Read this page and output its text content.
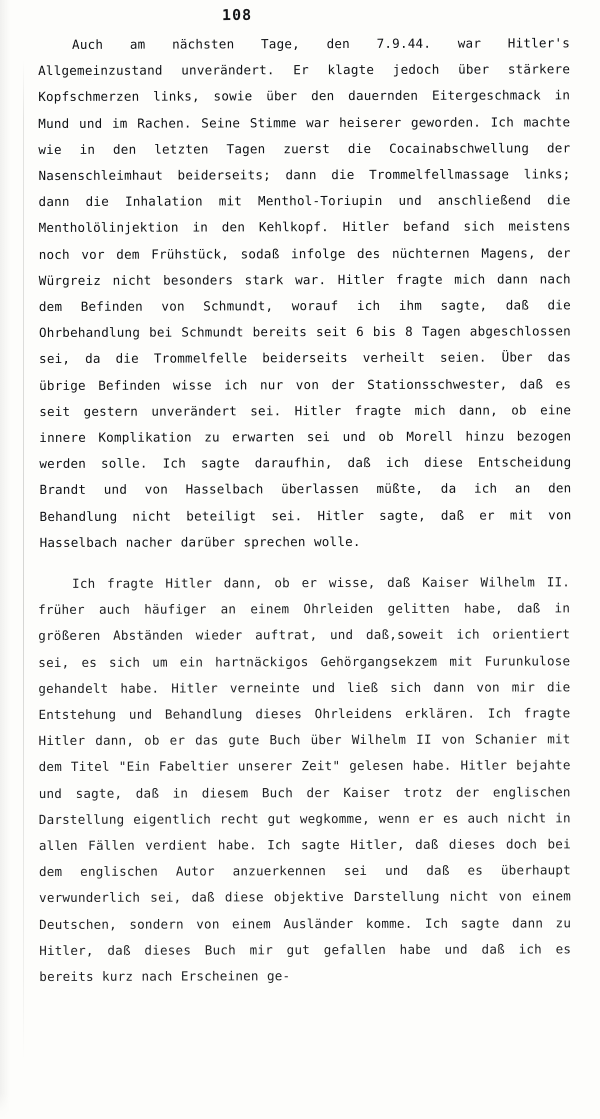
108

Auch am nächsten Tage, den 7.9.44. war Hitler's Allgemeinzustand unverändert. Er klagte jedoch über stärkere Kopfschmerzen links, sowie über den dauernden Eitergeschmack in Mund und im Rachen. Seine Stimme war heiserer geworden. Ich machte wie in den letzten Tagen zuerst die Cocainabschwellung der Nasenschleimhaut beiderseits; dann die Trommelfellmassage links; dann die Inhalation mit Menthol-Toriupin und anschließend die Mentholölinjektion in den Kehlkopf. Hitler befand sich meistens noch vor dem Frühstück, sodaß infolge des nüchternen Magens, der Würgreiz nicht besonders stark war. Hitler fragte mich dann nach dem Befinden von Schmundt, worauf ich ihm sagte, daß die Ohrbehandlung bei Schmundt bereits seit 6 bis 8 Tagen abgeschlossen sei, da die Trommelfelle beiderseits verheilt seien. Über das übrige Befinden wisse ich nur von der Stationsschwester, daß es seit gestern unverändert sei. Hitler fragte mich dann, ob eine innere Komplikation zu erwarten sei und ob Morell hinzu bezogen werden solle. Ich sagte daraufhin, daß ich diese Entscheidung Brandt und von Hasselbach überlassen müßte, da ich an den Behandlung nicht beteiligt sei. Hitler sagte, daß er mit von Hasselbach nacher darüber sprechen wolle.

Ich fragte Hitler dann, ob er wisse, daß Kaiser Wilhelm II. früher auch häufiger an einem Ohrleiden gelitten habe, daß in größeren Abständen wieder auftrat, und daß,soweit ich orientiert sei, es sich um ein hartnäckigos Gehörgangsekzem mit Furunkulose gehandelt habe. Hitler verneinte und ließ sich dann von mir die Entstehung und Behandlung dieses Ohrleidens erklären. Ich fragte Hitler dann, ob er das gute Buch über Wilhelm II von Schanier mit dem Titel "Ein Fabeltier unserer Zeit" gelesen habe. Hitler bejahte und sagte, daß in diesem Buch der Kaiser trotz der englischen Darstellung eigentlich recht gut wegkomme, wenn er es auch nicht in allen Fällen verdient habe. Ich sagte Hitler, daß dieses doch bei dem englischen Autor anzuerkennen sei und daß es überhaupt verwunderlich sei, daß diese objektive Darstellung nicht von einem Deutschen, sondern von einem Ausländer komme. Ich sagte dann zu Hitler, daß dieses Buch mir gut gefallen habe und daß ich es bereits kurz nach Erscheinen ge-
